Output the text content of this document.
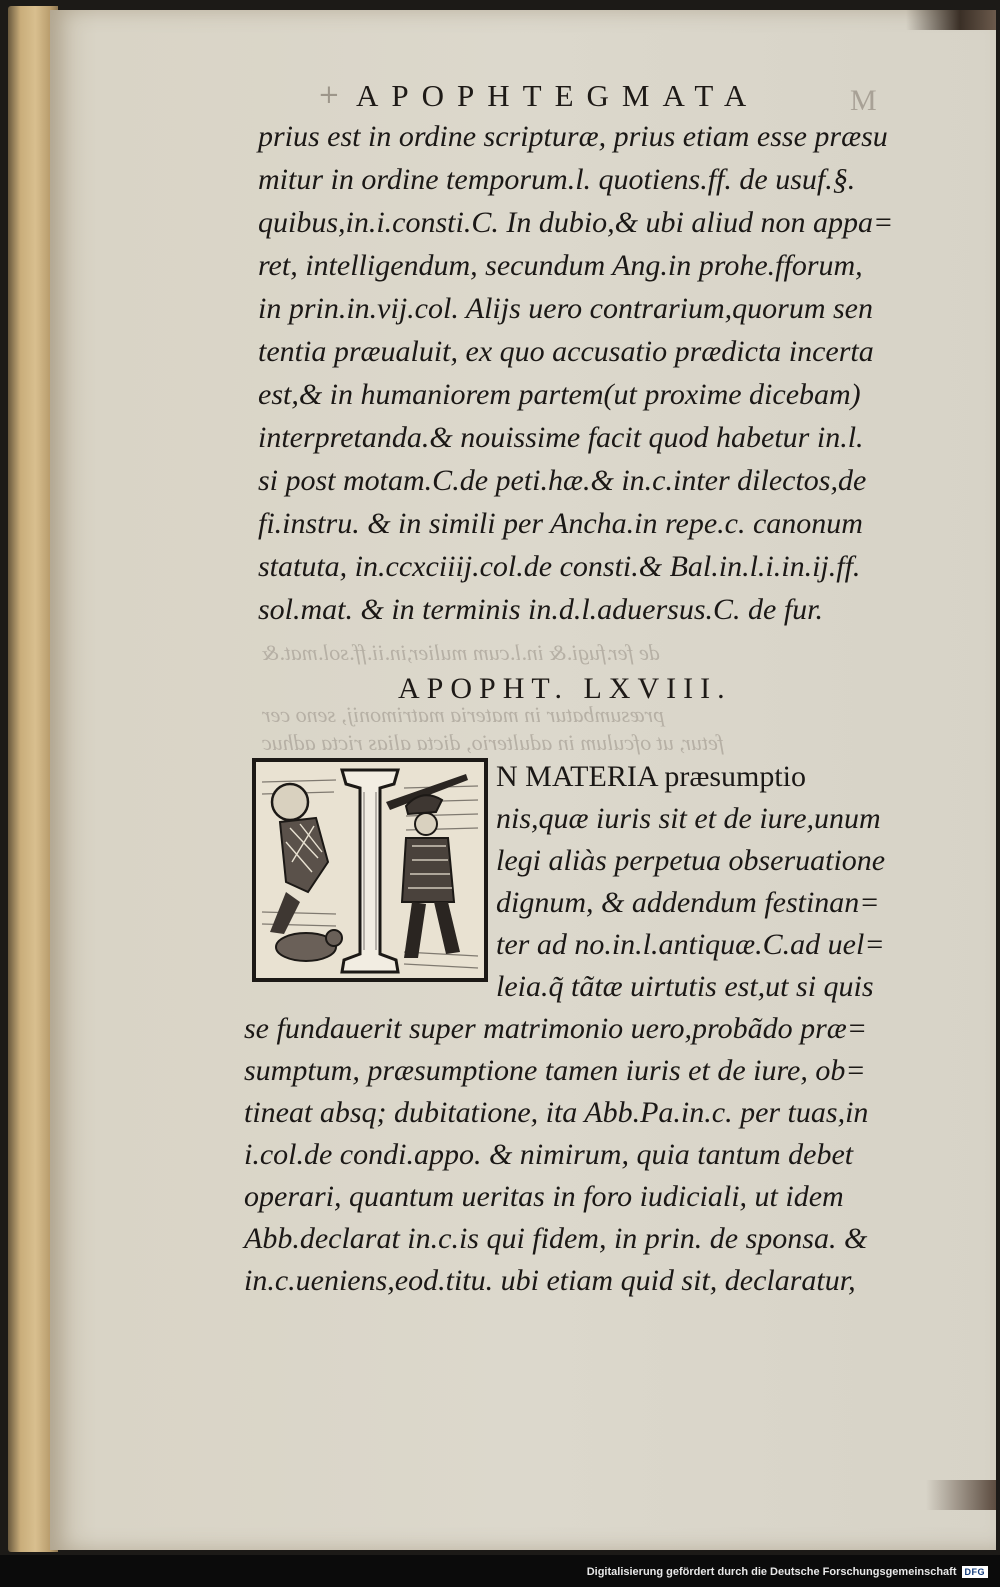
+	M
APOPHTEGMATA
prius est in ordine scripturæ, prius etiam esse præsu
mitur in ordine temporum.l. quotiens.ff. de usuf.§.
quibus,in.i.consti.C. In dubio,& ubi aliud non appa=
ret, intelligendum, secundum Ang.in prohe.fforum,
in prin.in.vij.col. Alijs uero contrarium,quorum sen
tentia præualuit, ex quo accusatio prædicta incerta
est,& in humaniorem partem(ut proxime dicebam)
interpretanda.& nouissime facit quod habetur in.l.
si post motam.C.de peti.hæ.& in.c.inter dilectos,de
fi.instru. & in simili per Ancha.in repe.c. canonum
statuta, in.ccxciiij.col.de consti.& Bal.in.l.i.in.ij.ff.
sol.mat. & in terminis in.d.l.aduersus.C. de fur.
de fer.fugi.& in.l.cum mulier,in.ii.ff.sol.mat.&
præsumbatur in materia matrimonij, seno cer
fetur, ut ofculum in adulterio, dicta alias ricta adhuc
APOPHT. LXVIII.
N MATERIA præsumptio
nis,quæ iuris sit et de iure,unum
legi aliàs perpetua obseruatione
dignum, & addendum festinan=
ter ad no.in.l.antiquæ.C.ad uel=
leia.q̃ tãtæ uirtutis est,ut si quis
se fundauerit super matrimonio uero,probãdo præ=
sumptum, præsumptione tamen iuris et de iure, ob=
tineat absq; dubitatione, ita Abb.Pa.in.c. per tuas,in
i.col.de condi.appo. & nimirum, quia tantum debet
operari, quantum ueritas in foro iudiciali, ut idem
Abb.declarat in.c.is qui fidem, in prin. de sponsa. &
in.c.ueniens,eod.titu. ubi etiam quid sit, declaratur,
Digitalisierung gefördert durch die Deutsche Forschungsgemeinschaft DFG
